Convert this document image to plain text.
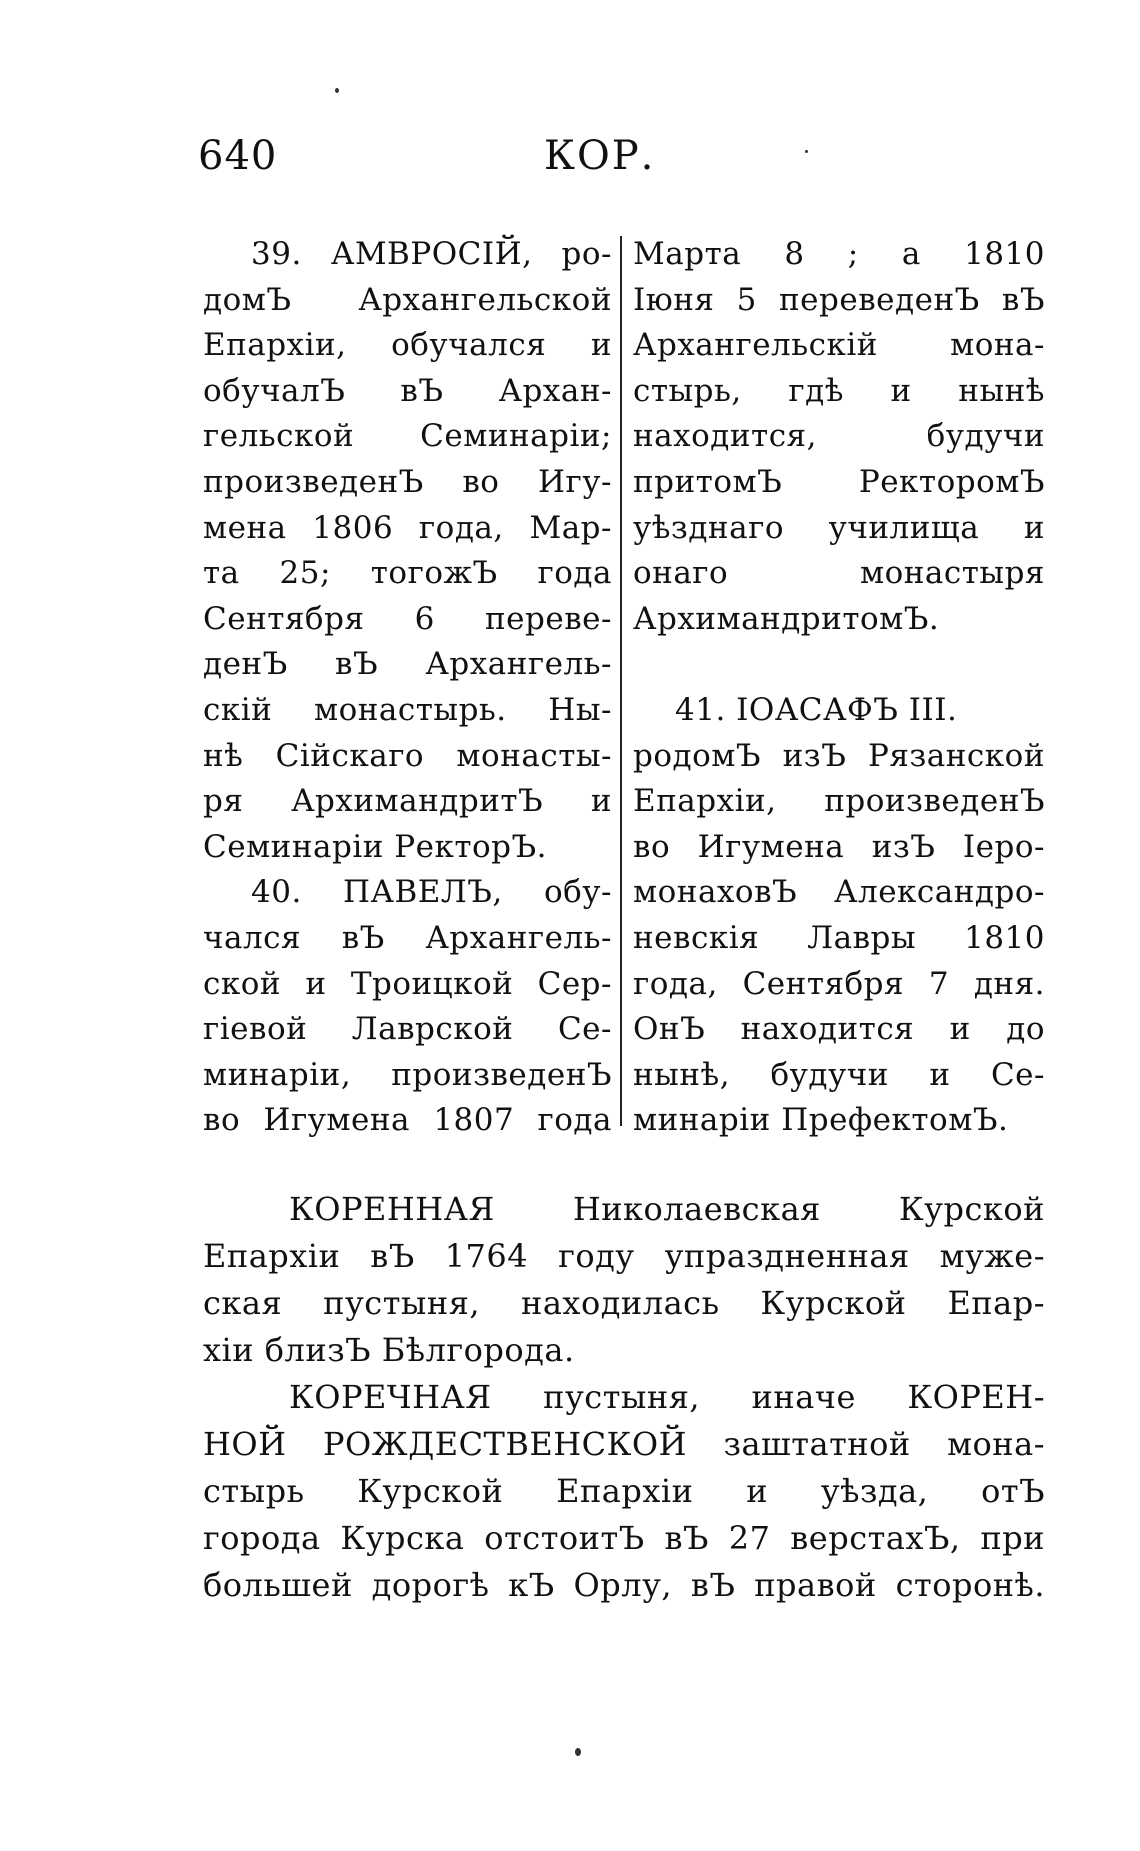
640	КОР.
39. АМВРОСІЙ, ро-
домЪ Архангельской
Епархіи, обучался и
обучалЪ вЪ Архан-
гельской Семинаріи;
произведенЪ во Игу-
мена 1806 года, Мар-
та 25; тогожЪ года
Сентября 6 переве-
денЪ вЪ Архангель-
скій монастырь. Ны-
нѣ Сійскаго монасты-
ря АрхимандритЪ и
Семинаріи РекторЪ.
40. ПАВЕЛЪ, обу-
чался вЪ Архангель-
ской и Троицкой Сер-
гіевой Лаврской Се-
минаріи, произведенЪ
во Игумена 1807 года
Марта 8 ; а 1810
Іюня 5 переведенЪ вЪ
Архангельскій мона-
стырь, гдѣ и нынѣ
находится, будучи
притомЪ РекторомЪ
уѣзднаго училища и
онаго монастыря
АрхимандритомЪ.
41. ІОАСАФЪ III.
родомЪ изЪ Рязанской
Епархіи, произведенЪ
во Игумена изЪ Іеро-
монаховЪ Александро-
невскія Лавры 1810
года, Сентября 7 дня.
ОнЪ находится и до
нынѣ, будучи и Се-
минаріи ПрефектомЪ.
КОРЕННАЯ Николаевская Курской
Епархіи вЪ 1764 году упраздненная муже-
ская пустыня, находилась Курской Епар-
хіи близЪ Бѣлгорода.
КОРЕЧНАЯ пустыня, иначе КОРЕН-
НОЙ РОЖДЕСТВЕНСКОЙ заштатной мона-
стырь Курской Епархіи и уѣзда, отЪ
города Курска отстоитЪ вЪ 27 верстахЪ, при
большей дорогѣ кЪ Орлу, вЪ правой сторонѣ.
